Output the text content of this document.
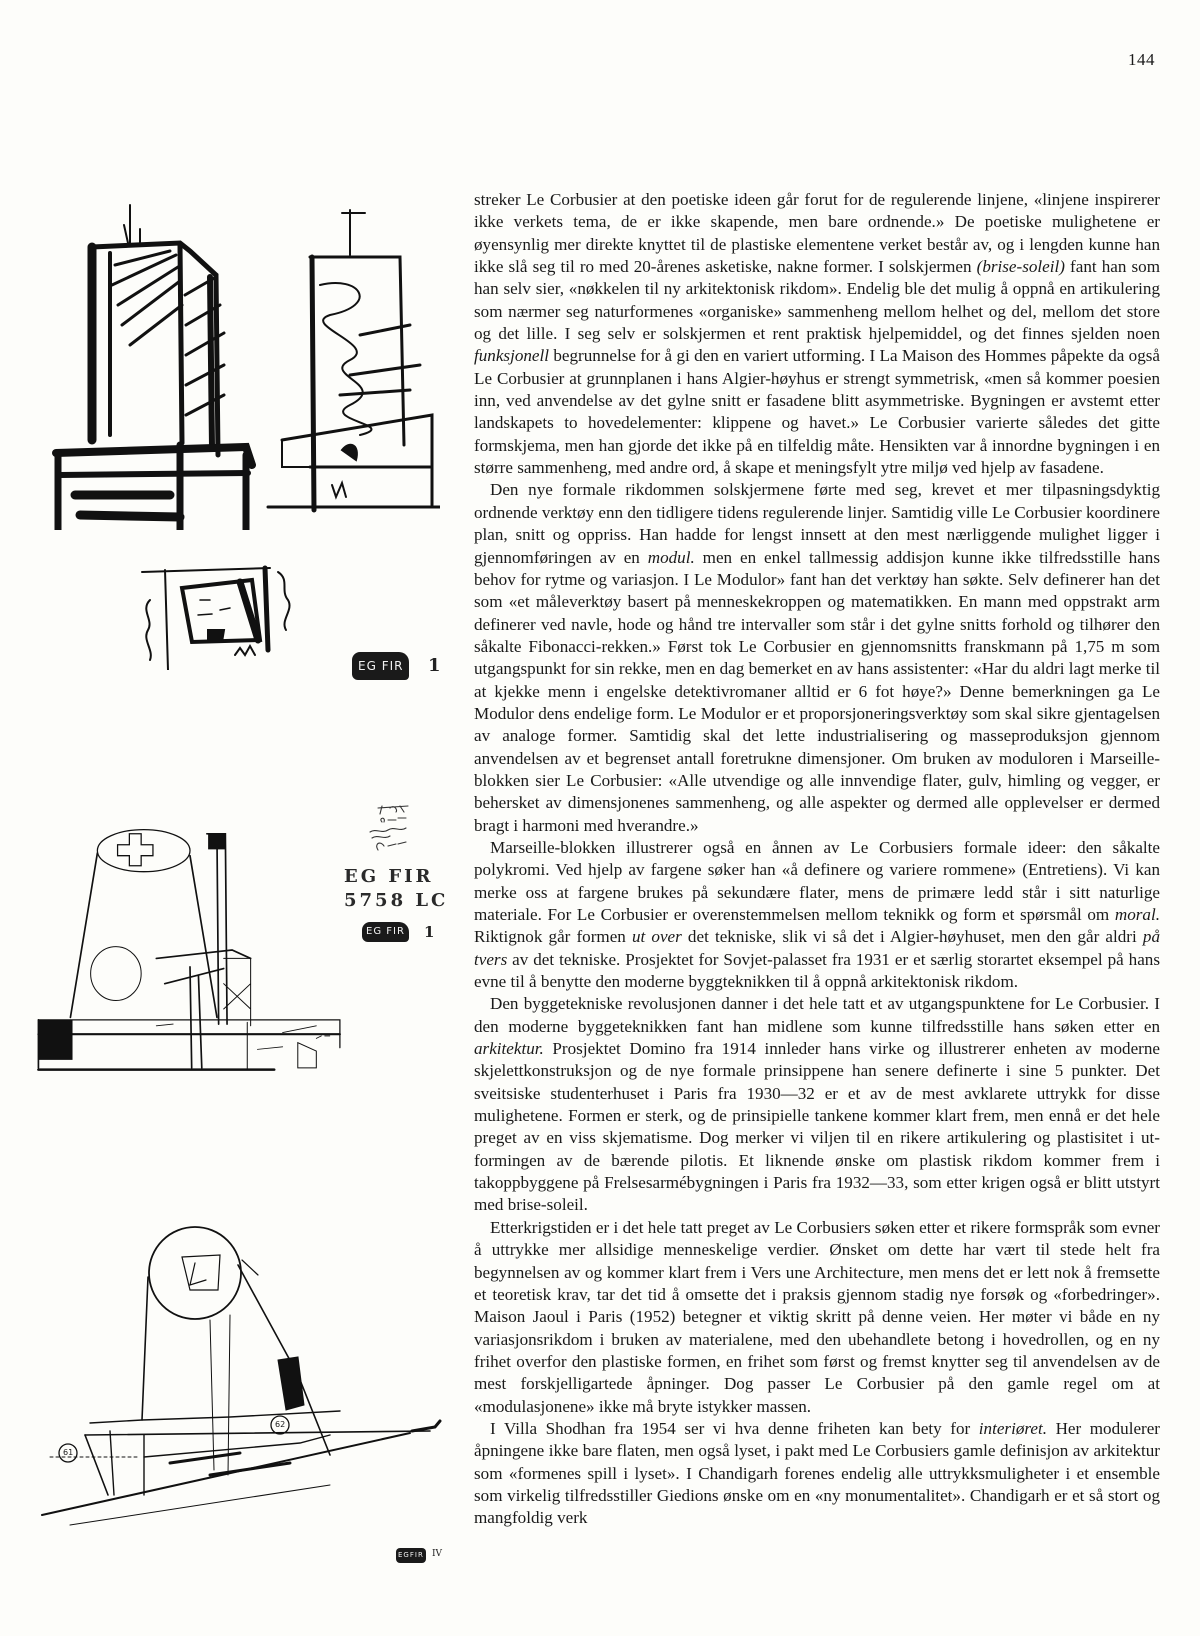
144
EG FIR	1
EG FIR
5758 LC
EG FIR 1
61
62
EGFIR IV

streker Le Corbusier at den poetiske ideen går forut for de regulerende linjene, «linjene inspirerer ikke verkets tema, de er ikke skapende, men bare ordnende.» De poetiske mulighetene er øyensynlig mer direkte knyttet til de plastiske elementene verket består av, og i lengden kunne han ikke slå seg til ro med 20-årenes asketiske, nakne former. I solskjermen (brise-soleil) fant han som han selv sier, «nøkkelen til ny arkitektonisk rikdom». Endelig ble det mulig å oppnå en artikulering som nærmer seg naturformenes «organiske» sammenheng mellom helhet og del, mellom det store og det lille. I seg selv er solskjermen et rent praktisk hjelpemiddel, og det finnes sjelden noen funksjonell begrunnelse for å gi den en variert utforming. I La Maison des Hommes påpekte da også Le Corbusier at grunnplanen i hans Algier-høyhus er strengt symmetrisk, «men så kommer poesien inn, ved anvendelse av det gylne snitt er fasadene blitt asymmetriske. Bygningen er avstemt etter landskapets to hovedelementer: klippene og havet.» Le Corbusier varierte således det gitte formskjema, men han gjorde det ikke på en tilfeldig måte. Hensikten var å innordne bygningen i en større sammenheng, med andre ord, å skape et meningsfylt ytre miljø ved hjelp av fasadene.

Den nye formale rikdommen solskjermene førte med seg, krevet et mer tilpasningsdyktig ordnende verktøy enn den tidligere tidens regulerende linjer. Samtidig ville Le Corbusier koordinere plan, snitt og oppriss. Han hadde for lengst innsett at den mest nærliggende mulighet ligger i gjennomføringen av en modul. men en enkel tallmessig addisjon kunne ikke tilfredsstille hans behov for rytme og variasjon. I Le Modulor» fant han det verktøy han søkte. Selv definerer han det som «et måleverktøy basert på menneskekroppen og matematikken. En mann med oppstrakt arm definerer ved navle, hode og hånd tre intervaller som står i det gylne snitts forhold og tilhører den såkalte Fibonacci-rekken.» Først tok Le Corbusier en gjennomsnitts franskmann på 1,75 m som utgangspunkt for sin rekke, men en dag bemerket en av hans assistenter: «Har du aldri lagt merke til at kjekke menn i engelske detektivromaner alltid er 6 fot høye?» Denne bemerkningen ga Le Modulor dens endelige form. Le Modulor er et proporsjoneringsverktøy som skal sikre gjentagelsen av analoge former. Samtidig skal det lette industrialisering og masseproduksjon gjennom anvendelsen av et begrenset antall foretrukne dimensjoner. Om bruken av moduloren i Marseille-blokken sier Le Corbusier: «Alle utvendige og alle innvendige flater, gulv, himling og vegger, er behersket av dimensjonenes sammenheng, og alle aspekter og dermed alle opplevelser er dermed bragt i harmoni med hverandre.»

Marseille-blokken illustrerer også en ånnen av Le Corbusiers formale ideer: den såkalte polykromi. Ved hjelp av fargene søker han «å definere og variere rommene» (Entretiens). Vi kan merke oss at fargene brukes på sekundære flater, mens de primære ledd står i sitt naturlige materiale. For Le Corbusier er overenstemmelsen mellom teknikk og form et spørsmål om moral. Riktignok går formen ut over det tekniske, slik vi så det i Algier-høyhuset, men den går aldri på tvers av det tekniske. Prosjektet for Sovjet-palasset fra 1931 er et særlig storartet eksempel på hans evne til å benytte den moderne byggteknikken til å oppnå arkitektonisk rikdom.

Den byggetekniske revolusjonen danner i det hele tatt et av utgangspunktene for Le Corbusier. I den moderne byggeteknikken fant han midlene som kunne tilfredsstille hans søken etter en arkitektur. Prosjektet Domino fra 1914 innleder hans virke og illustrerer enheten av moderne skjelettkonstruksjon og de nye formale prinsippene han senere definerte i sine 5 punkter. Det sveitsiske studenterhuset i Paris fra 1930—32 er et av de mest avklarete uttrykk for disse mulighetene. Formen er sterk, og de prinsipielle tankene kommer klart frem, men ennå er det hele preget av en viss skjematisme. Dog merker vi viljen til en rikere artikulering og plastisitet i utformingen av de bærende pilotis. Et liknende ønske om plastisk rikdom kommer frem i takoppbyggene på Frelsesarmébygningen i Paris fra 1932—33, som etter krigen også er blitt utstyrt med brise-soleil.

Etterkrigstiden er i det hele tatt preget av Le Corbusiers søken etter et rikere formspråk som evner å uttrykke mer allsidige menneskelige verdier. Ønsket om dette har vært til stede helt fra begynnelsen av og kommer klart frem i Vers une Architecture, men mens det er lett nok å fremsette et teoretisk krav, tar det tid å omsette det i praksis gjennom stadig nye forsøk og «forbedringer». Maison Jaoul i Paris (1952) betegner et viktig skritt på denne veien. Her møter vi både en ny variasjonsrikdom i bruken av materialene, med den ubehandlete betong i hovedrollen, og en ny frihet overfor den plastiske formen, en frihet som først og fremst knytter seg til anvendelsen av de mest forskjelligartede åpninger. Dog passer Le Corbusier på den gamle regel om at «modulasjonene» ikke må bryte istykker massen.

I Villa Shodhan fra 1954 ser vi hva denne friheten kan bety for interiøret. Her modulerer åpningene ikke bare flaten, men også lyset, i pakt med Le Corbusiers gamle definisjon av arkitektur som «formenes spill i lyset». I Chandigarh forenes endelig alle uttrykksmuligheter i et ensemble som virkelig tilfredsstiller Giedions ønske om en «ny monumentalitet». Chandigarh er et så stort og mangfoldig verk
